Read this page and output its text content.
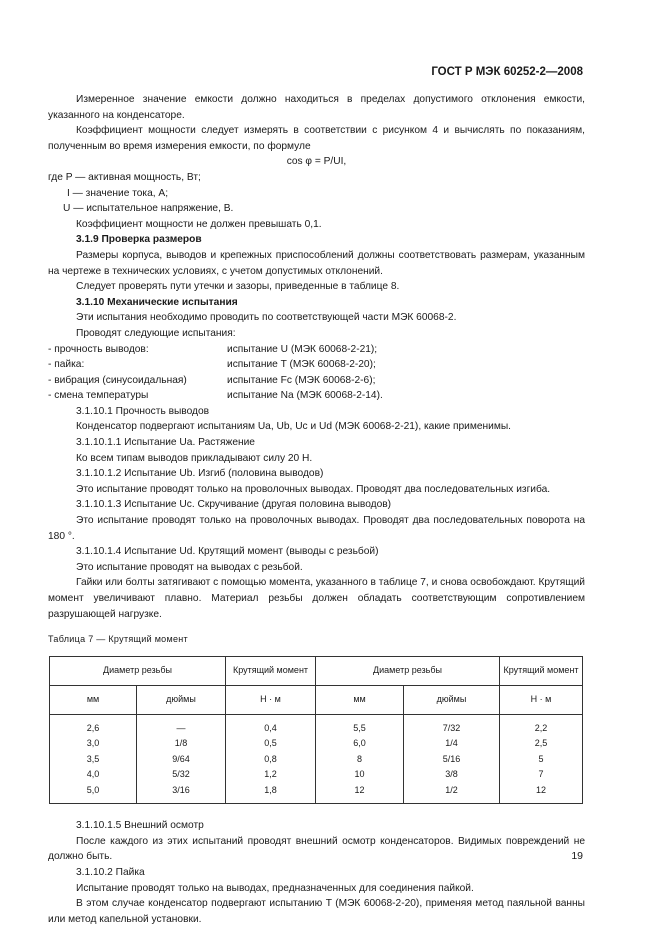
ГОСТ Р МЭК 60252-2—2008

Измеренное значение емкости должно находиться в пределах допустимого отклонения емкости, указанного на конденсаторе.

Коэффициент мощности следует измерять в соответствии с рисунком 4 и вычислять по показаниям, полученным во время измерения емкости, по формуле

cos φ = P/UI,

где P — активная мощность, Вт;

I — значение тока, А;

U — испытательное напряжение, В.

Коэффициент мощности не должен превышать 0,1.

3.1.9 Проверка размеров

Размеры корпуса, выводов и крепежных приспособлений должны соответствовать размерам, указанным на чертеже в технических условиях, с учетом допустимых отклонений.

Следует проверять пути утечки и зазоры, приведенные в таблице 8.

3.1.10 Механические испытания

Эти испытания необходимо проводить по соответствующей части МЭК 60068-2.

Проводят следующие испытания:

- прочность выводов:	испытание U (МЭК 60068-2-21);
- пайка:	испытание T (МЭК 60068-2-20);
- вибрация (синусоидальная)	испытание Fc (МЭК 60068-2-6);
- смена температуры	испытание Na (МЭК 60068-2-14).

3.1.10.1 Прочность выводов

Конденсатор подвергают испытаниям Ua, Ub, Uc и Ud (МЭК 60068-2-21), какие применимы.

3.1.10.1.1 Испытание Ua. Растяжение

Ко всем типам выводов прикладывают силу 20 Н.

3.1.10.1.2 Испытание Ub. Изгиб (половина выводов)

Это испытание проводят только на проволочных выводах. Проводят два последовательных изгиба.

3.1.10.1.3 Испытание Uc. Скручивание (другая половина выводов)

Это испытание проводят только на проволочных выводах. Проводят два последовательных поворота на 180 °.

3.1.10.1.4 Испытание Ud. Крутящий момент (выводы с резьбой)

Это испытание проводят на выводах с резьбой.

Гайки или болты затягивают с помощью момента, указанного в таблице 7, и снова освобождают. Крутящий момент увеличивают плавно. Материал резьбы должен обладать соответствующим сопротивлением разрушающей нагрузке.

Таблица 7 — Крутящий момент
Диаметр резьбы		Крутящий момент	Диаметр резьбы		Крутящий момент
мм	дюймы	Н · м	мм	дюймы	Н · м
2,6	—	0,4	5,5	7/32	2,2
3,0	1/8	0,5	6,0	1/4	2,5
3,5	9/64	0,8	8	5/16	5
4,0	5/32	1,2	10	3/8	7
5,0	3/16	1,8	12	1/2	12

3.1.10.1.5 Внешний осмотр

После каждого из этих испытаний проводят внешний осмотр конденсаторов. Видимых повреждений не должно быть.

3.1.10.2 Пайка

Испытание проводят только на выводах, предназначенных для соединения пайкой.

В этом случае конденсатор подвергают испытанию T (МЭК 60068-2-20), применяя метод паяльной ванны или метод капельной установки.

19
